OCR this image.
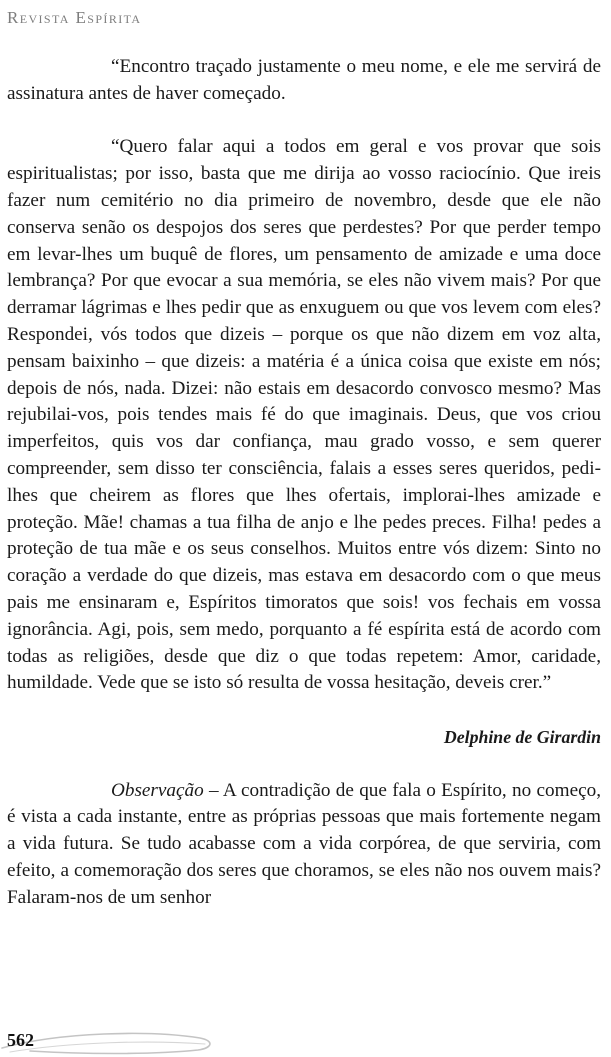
Revista Espírita

“Encontro traçado justamente o meu nome, e ele me servirá de assinatura antes de haver começado.

“Quero falar aqui a todos em geral e vos provar que sois espiritualistas; por isso, basta que me dirija ao vosso raciocínio. Que ireis fazer num cemitério no dia primeiro de novembro, desde que ele não conserva senão os despojos dos seres que perdestes? Por que perder tempo em levar-lhes um buquê de flores, um pensamento de amizade e uma doce lembrança? Por que evocar a sua memória, se eles não vivem mais? Por que derramar lágrimas e lhes pedir que as enxuguem ou que vos levem com eles? Respondei, vós todos que dizeis – porque os que não dizem em voz alta, pensam baixinho – que dizeis: a matéria é a única coisa que existe em nós; depois de nós, nada. Dizei: não estais em desacordo convosco mesmo? Mas rejubilai-vos, pois tendes mais fé do que imaginais. Deus, que vos criou imperfeitos, quis vos dar confiança, mau grado vosso, e sem querer compreender, sem disso ter consciência, falais a esses seres queridos, pedi-lhes que cheirem as flores que lhes ofertais, implorai-lhes amizade e proteção. Mãe! chamas a tua filha de anjo e lhe pedes preces. Filha! pedes a proteção de tua mãe e os seus conselhos. Muitos entre vós dizem: Sinto no coração a verdade do que dizeis, mas estava em desacordo com o que meus pais me ensinaram e, Espíritos timoratos que sois! vos fechais em vossa ignorância. Agi, pois, sem medo, porquanto a fé espírita está de acordo com todas as religiões, desde que diz o que todas repetem: Amor, caridade, humildade. Vede que se isto só resulta de vossa hesitação, deveis crer.”

Delphine de Girardin

Observação – A contradição de que fala o Espírito, no começo, é vista a cada instante, entre as próprias pessoas que mais fortemente negam a vida futura. Se tudo acabasse com a vida corpórea, de que serviria, com efeito, a comemoração dos seres que choramos, se eles não nos ouvem mais? Falaram-nos de um senhor

562
